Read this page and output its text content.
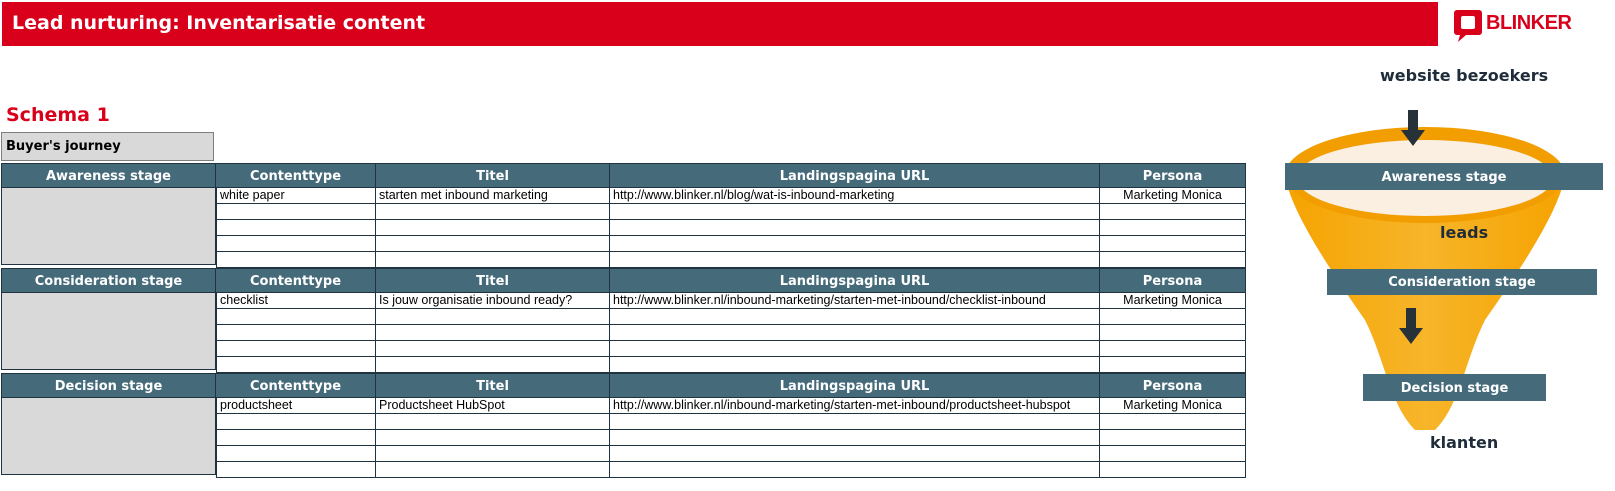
Lead nurturing: Inventarisatie content	BLINKER
Schema 1
Buyer's journey
Awareness stage	Contenttype	Titel	Landingspagina URL	Persona
white paper	starten met inbound marketing	http://www.blinker.nl/blog/wat-is-inbound-marketing	Marketing Monica
Consideration stage	Contenttype	Titel	Landingspagina URL	Persona
checklist	Is jouw organisatie inbound ready?	http://www.blinker.nl/inbound-marketing/starten-met-inbound/checklist-inbound	Marketing Monica
Decision stage	Contenttype	Titel	Landingspagina URL	Persona
productsheet	Productsheet HubSpot	http://www.blinker.nl/inbound-marketing/starten-met-inbound/productsheet-hubspot	Marketing Monica
website bezoekers
Awareness stage
leads
Consideration stage
Decision stage
klanten
